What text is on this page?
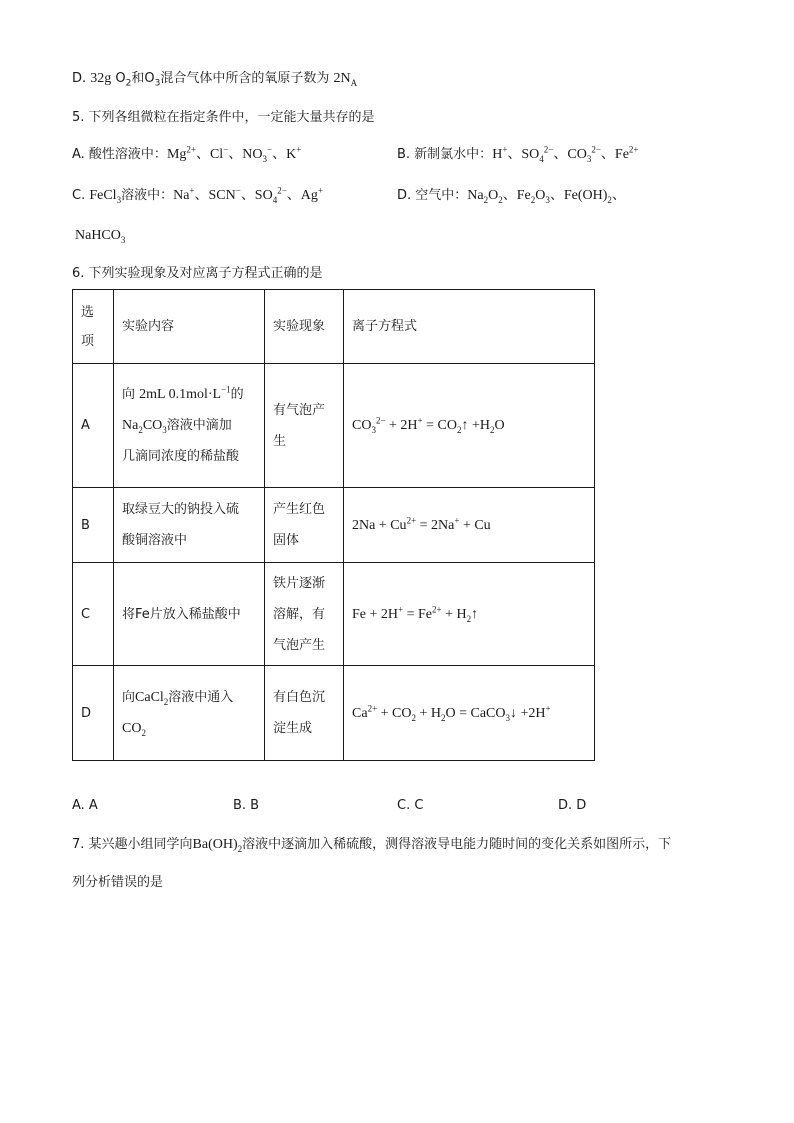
D. 32g $O_2$和$O_3$混合气体中所含的氧原子数为 $2N_A$
5. 下列各组微粒在指定条件中，一定能大量共存的是
A. 酸性溶液中：$Mg^{2+}$、Cl−、$NO_3^-$、K+	B. 新制氯水中：H+、$SO_4^{2-}$、$CO_3^{2-}$、$Fe^{2+}$
C. FeCl$_3$溶液中：Na+、SCN−、$SO_4^{2-}$、Ag+	D. 空气中：$Na_2O_2$、$Fe_2O_3$、$Fe(OH)_2$、
NaHCO$_3$
6. 下列实验现象及对应离子方程式正确的是
选
项	实验内容	实验现象	离子方程式
A	向 2mL $0.1mol\cdot L^{-1}$的
$Na_2CO_3$溶液中滴加
几滴同浓度的稀盐酸	有气泡产
生	$CO_3^{2-} + 2H^+$ = $CO_2↑ +H_2O$
B	取绿豆大的钠投入硫
酸铜溶液中	产生红色
固体	$2Na + Cu^{2+} = 2Na^+ + Cu$
C	将Fe片放入稀盐酸中	铁片逐渐
溶解，有
气泡产生	$Fe + 2H^+ = Fe^{2+}$ + $H_2↑$
D	向CaCl$_2$溶液中通入
$CO_2$	有白色沉
淀生成	$Ca^{2+} + CO_2 + H_2O$ = CaCO$_3$↓ +2H+
A. A	B. B	C. C	D. D
7. 某兴趣小组同学向$Ba(OH)_2$溶液中逐滴加入稀硫酸，测得溶液导电能力随时间的变化关系如图所示，下
列分析错误的是
